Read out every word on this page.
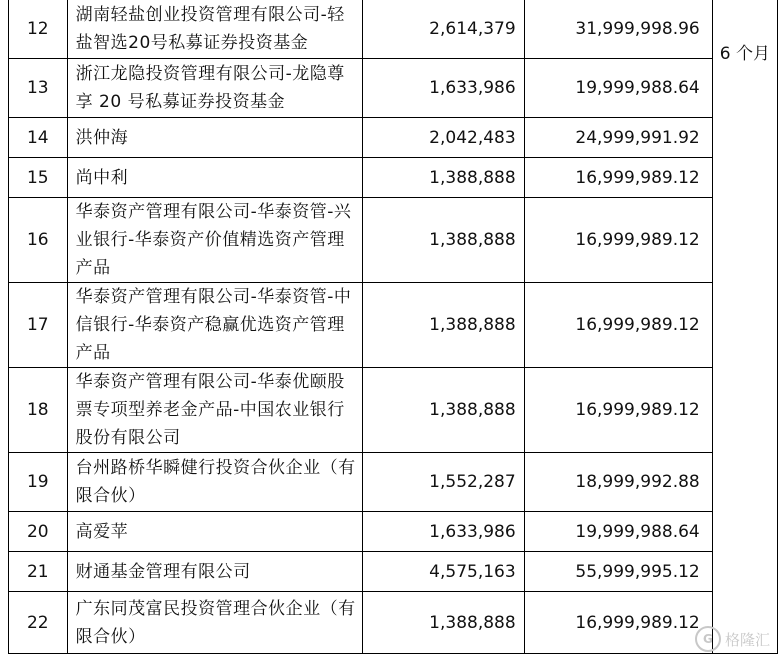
12	湖南轻盐创业投资管理有限公司-轻盐智选20号私募证券投资基金	2,614,379	31,999,998.96	6 个月
13	浙江龙隐投资管理有限公司-龙隐尊享 20 号私募证券投资基金	1,633,986	19,999,988.64	
14	洪仲海	2,042,483	24,999,991.92	
15	尚中利	1,388,888	16,999,989.12	
16	华泰资产管理有限公司-华泰资管-兴业银行-华泰资产价值精选资产管理产品	1,388,888	16,999,989.12	
17	华泰资产管理有限公司-华泰资管-中信银行-华泰资产稳赢优选资产管理产品	1,388,888	16,999,989.12	
18	华泰资产管理有限公司-华泰优颐股票专项型养老金产品-中国农业银行股份有限公司	1,388,888	16,999,989.12	
19	台州路桥华瞬健行投资合伙企业（有限合伙）	1,552,287	18,999,992.88	
20	高爱苹	1,633,986	19,999,988.64	
21	财通基金管理有限公司	4,575,163	55,999,995.12	
22	广东同茂富民投资管理合伙企业（有限合伙）	1,388,888	16,999,989.12	
G 格隆汇
